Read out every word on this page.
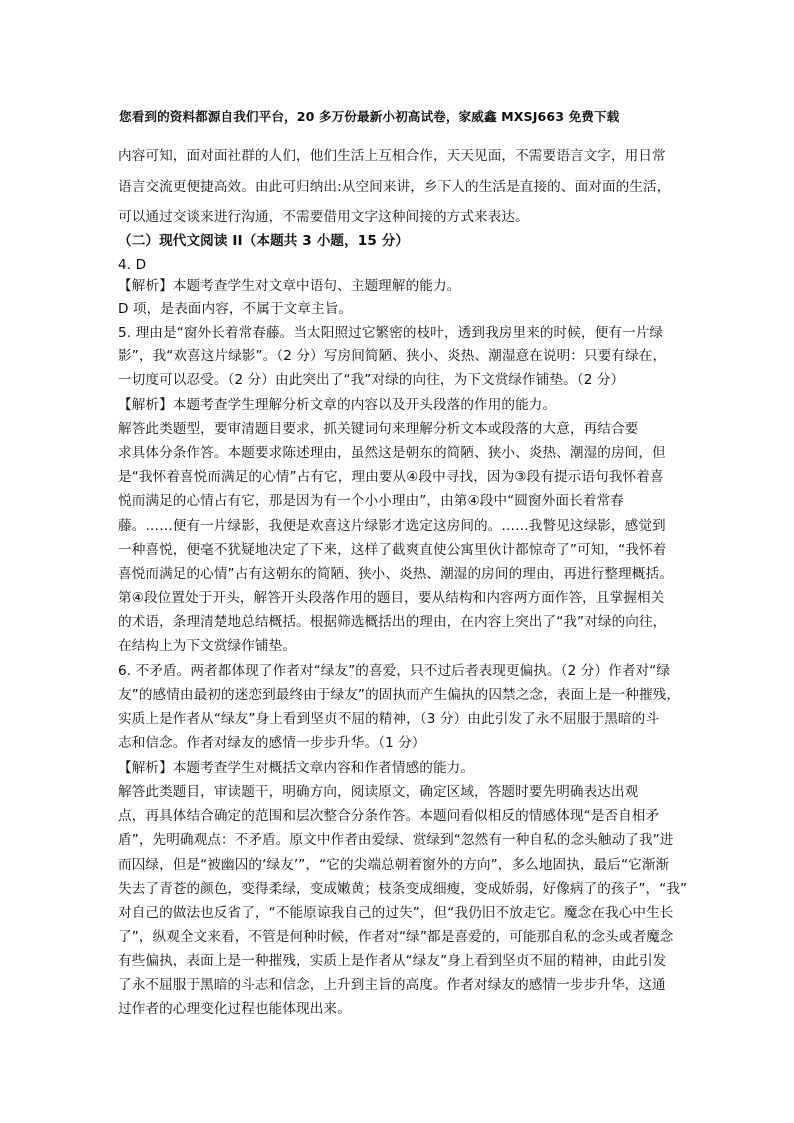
您看到的资料都源自我们平台，20 多万份最新小初高试卷，家威鑫 MXSJ663 免费下载
内容可知，面对面社群的人们，他们生活上互相合作，天天见面，不需要语言文字，用日常
语言交流更便捷高效。由此可归纳出:从空间来讲，乡下人的生活是直接的、面对面的生活，
可以通过交谈来进行沟通，不需要借用文字这种间接的方式来表达。
（二）现代文阅读 II（本题共 3 小题，15 分）
4. D
【解析】本题考查学生对文章中语句、主题理解的能力。
D 项，是表面内容，不属于文章主旨。
5. 理由是“窗外长着常春藤。当太阳照过它繁密的枝叶，透到我房里来的时候，便有一片绿
影”，我“欢喜这片绿影”。（2 分）写房间简陋、狭小、炎热、潮湿意在说明：只要有绿在，
一切度可以忍受。（2 分）由此突出了“我”对绿的向往，为下文赏绿作铺垫。（2 分）
【解析】本题考查学生理解分析文章的内容以及开头段落的作用的能力。
解答此类题型，要审清题目要求，抓关键词句来理解分析文本或段落的大意，再结合要
求具体分条作答。本题要求陈述理由，虽然这是朝东的简陋、狭小、炎热、潮湿的房间，但
是“我怀着喜悦而满足的心情”占有它，理由要从④段中寻找，因为③段有提示语句我怀着喜
悦而满足的心情占有它，那是因为有一个小小理由”，由第④段中“圆窗外面长着常春
藤。……便有一片绿影，我便是欢喜这片绿影才选定这房间的。……我瞥见这绿影，感觉到
一种喜悦，便毫不犹疑地决定了下来，这样了截爽直使公寓里伙计都惊奇了”可知，“我怀着
喜悦而满足的心情”占有这朝东的简陋、狭小、炎热、潮湿的房间的理由，再进行整理概括。
第④段位置处于开头，解答开头段落作用的题目，要从结构和内容两方面作答，且掌握相关
的术语，条理清楚地总结概括。根据筛选概括出的理由，在内容上突出了“我”对绿的向往，
在结构上为下文赏绿作铺垫。
6. 不矛盾。两者都体现了作者对“绿友”的喜爱，只不过后者表现更偏执。（2 分）作者对“绿
友”的感情由最初的迷恋到最终由于绿友”的固执而产生偏执的囚禁之念，表面上是一种摧残，
实质上是作者从“绿友”身上看到坚贞不屈的精神，（3 分）由此引发了永不屈服于黑暗的斗
志和信念。作者对绿友的感情一步步升华。（1 分）
【解析】本题考查学生对概括文章内容和作者情感的能力。
解答此类题目，审读题干，明确方向，阅读原文，确定区域，答题时要先明确表达出观
点，再具体结合确定的范围和层次整合分条作答。本题问看似相反的情感体现“是否自相矛
盾”，先明确观点：不矛盾。原文中作者由爱绿、赏绿到“忽然有一种自私的念头触动了我”进
而囚绿，但是“被幽囚的‘绿友’”，“它的尖端总朝着窗外的方向”，多么地固执，最后“它渐渐
失去了青苍的颜色，变得柔绿，变成嫩黄；枝条变成细瘦，变成娇弱，好像病了的孩子”，“我”
对自己的做法也反省了，“不能原谅我自己的过失”，但“我仍旧不放走它。魔念在我心中生长
了”，纵观全文来看，不管是何种时候，作者对“绿”都是喜爱的，可能那自私的念头或者魔念
有些偏执，表面上是一种摧残，实质上是作者从“绿友”身上看到坚贞不屈的精神，由此引发
了永不屈服于黑暗的斗志和信念，上升到主旨的高度。作者对绿友的感情一步步升华，这通
过作者的心理变化过程也能体现出来。
